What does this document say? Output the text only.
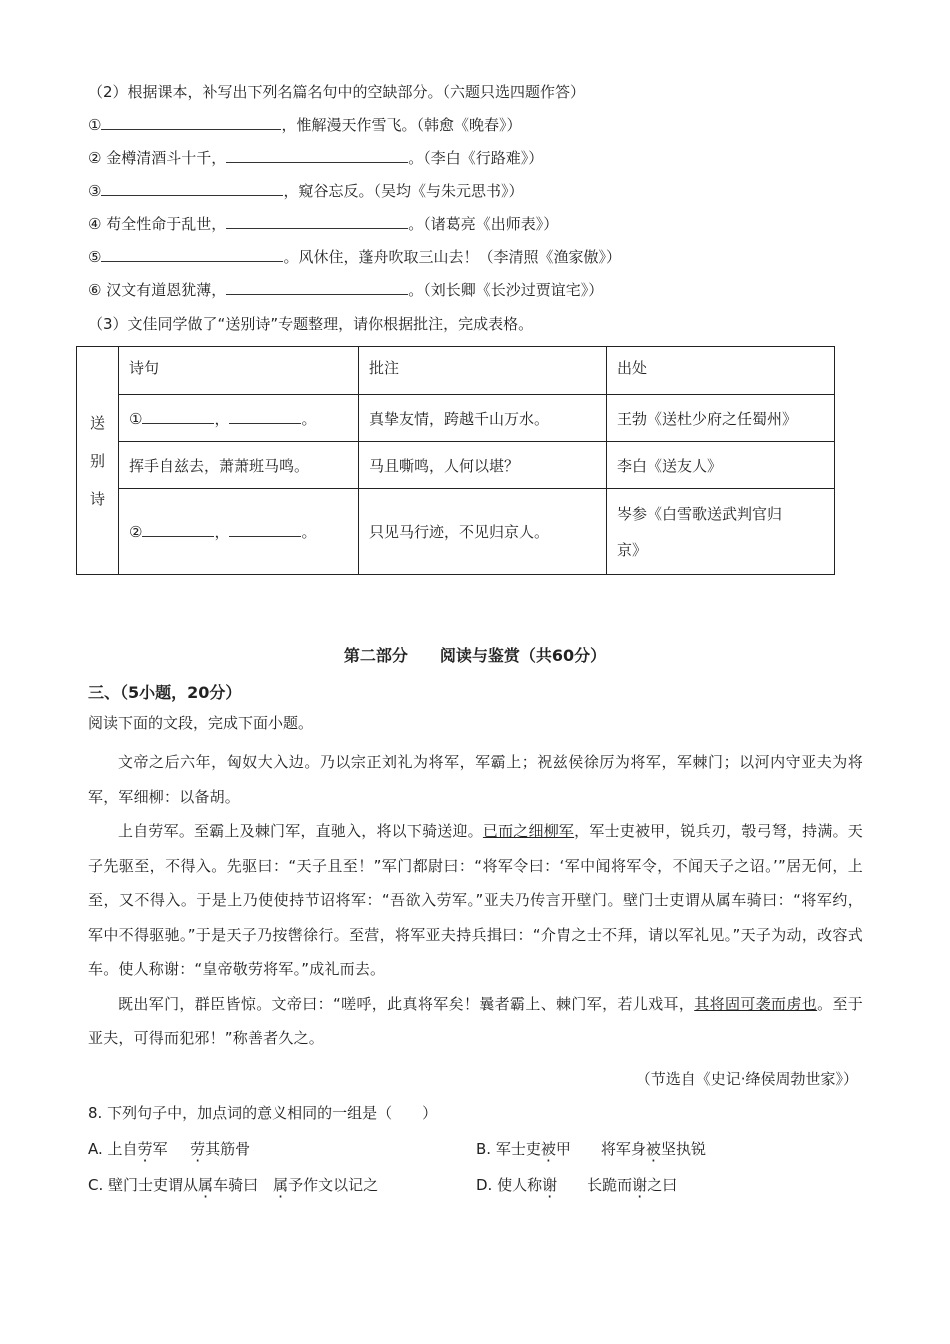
（2）根据课本，补写出下列名篇名句中的空缺部分。（六题只选四题作答）
①	，惟解漫天作雪飞。（韩愈《晚春》）
② 金樽清酒斗十千，	。（李白《行路难》）
③	，窥谷忘反。（吴均《与朱元思书》）
④ 苟全性命于乱世，	。（诸葛亮《出师表》）
⑤	。风休住，蓬舟吹取三山去！（李清照《渔家傲》）
⑥ 汉文有道恩犹薄，	。（刘长卿《长沙过贾谊宅》）
（3）文佳同学做了“送别诗”专题整理，请你根据批注，完成表格。
送
别
诗	诗句	批注	出处
	① ， 。	真挚友情，跨越千山万水。	王勃《送杜少府之任蜀州》
	挥手自兹去，萧萧班马鸣。	马且嘶鸣，人何以堪？	李白《送友人》
	② ， 。	只见马行迹，不见归京人。	岑参《白雪歌送武判官归
京》
第二部分　　阅读与鉴赏（共60分）
三、（5小题，20分）
阅读下面的文段，完成下面小题。

文帝之后六年，匈奴大入边。乃以宗正刘礼为将军，军霸上；祝兹侯徐厉为将军，军棘门；以河内守亚夫为将军，军细柳：以备胡。

上自劳军。至霸上及棘门军，直驰入，将以下骑送迎。已而之细柳军，军士吏被甲，锐兵刃，彀弓弩，持满。天子先驱至，不得入。先驱曰：“天子且至！”军门都尉曰：“将军令曰：‘军中闻将军令，不闻天子之诏。’”居无何，上至，又不得入。于是上乃使使持节诏将军：“吾欲入劳军。”亚夫乃传言开壁门。壁门士吏谓从属车骑曰：“将军约，军中不得驱驰。”于是天子乃按辔徐行。至营，将军亚夫持兵揖曰：“介胄之士不拜，请以军礼见。”天子为动，改容式车。使人称谢：“皇帝敬劳将军。”成礼而去。

既出军门，群臣皆惊。文帝曰：“嗟呼，此真将军矣！曩者霸上、棘门军，若儿戏耳，其将固可袭而虏也。至于亚夫，可得而犯邪！”称善者久之。

（节选自《史记·绛侯周勃世家》）
8. 下列句子中，加点词的意义相同的一组是（　　）
A. 上自劳军　  劳其筋骨	B. 军士吏被甲　　 将军身被坚执锐
C. 壁门士吏谓从属车骑曰　 属予作文以记之	D. 使人称谢　　 长跪而谢之曰
